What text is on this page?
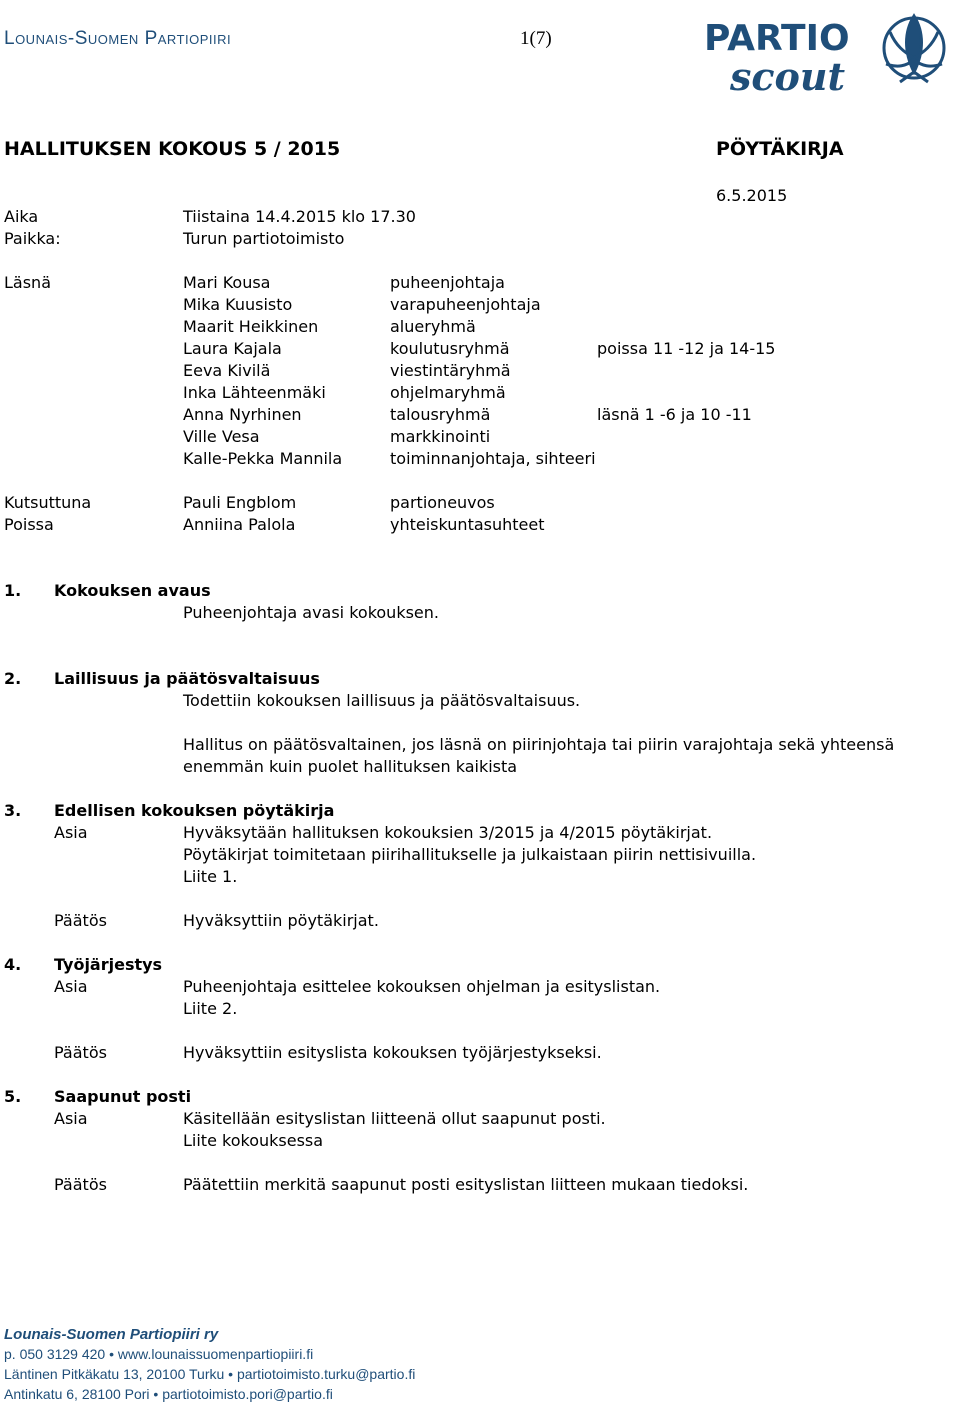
Lounais-Suomen Partiopiiri	1(7)	PARTIO
scout
HALLITUKSEN KOKOUS 5 / 2015	PÖYTÄKIRJA
6.5.2015
Aika	Tiistaina 14.4.2015 klo 17.30
Paikka:	Turun partiotoimisto
Läsnä	Mari Kousa	puheenjohtaja
Mika Kuusisto	varapuheenjohtaja
Maarit Heikkinen	alueryhmä
Laura Kajala	koulutusryhmä	poissa 11 -12 ja 14-15
Eeva Kivilä	viestintäryhmä
Inka Lähteenmäki	ohjelmaryhmä
Anna Nyrhinen	talousryhmä	läsnä 1 -6 ja 10 -11
Ville Vesa	markkinointi
Kalle-Pekka Mannila	toiminnanjohtaja, sihteeri
Kutsuttuna	Pauli Engblom	partioneuvos
Poissa	Anniina Palola	yhteiskuntasuhteet
1. Kokouksen avaus
Puheenjohtaja avasi kokouksen.
2. Laillisuus ja päätösvaltaisuus
Todettiin kokouksen laillisuus ja päätösvaltaisuus.
Hallitus on päätösvaltainen, jos läsnä on piirinjohtaja tai piirin varajohtaja sekä yhteensä
enemmän kuin puolet hallituksen kaikista
3. Edellisen kokouksen pöytäkirja
Asia	Hyväksytään hallituksen kokouksien 3/2015 ja 4/2015 pöytäkirjat.
Pöytäkirjat toimitetaan piirihallitukselle ja julkaistaan piirin nettisivuilla.
Liite 1.
Päätös	Hyväksyttiin pöytäkirjat.
4. Työjärjestys
Asia	Puheenjohtaja esittelee kokouksen ohjelman ja esityslistan.
Liite 2.
Päätös	Hyväksyttiin esityslista kokouksen työjärjestykseksi.
5. Saapunut posti
Asia	Käsitellään esityslistan liitteenä ollut saapunut posti.
Liite kokouksessa
Päätös	Päätettiin merkitä saapunut posti esityslistan liitteen mukaan tiedoksi.
Lounais-Suomen Partiopiiri ry
p. 050 3129 420 • www.lounaissuomenpartiopiiri.fi
Läntinen Pitkäkatu 13, 20100 Turku • partiotoimisto.turku@partio.fi
Antinkatu 6, 28100 Pori • partiotoimisto.pori@partio.fi
